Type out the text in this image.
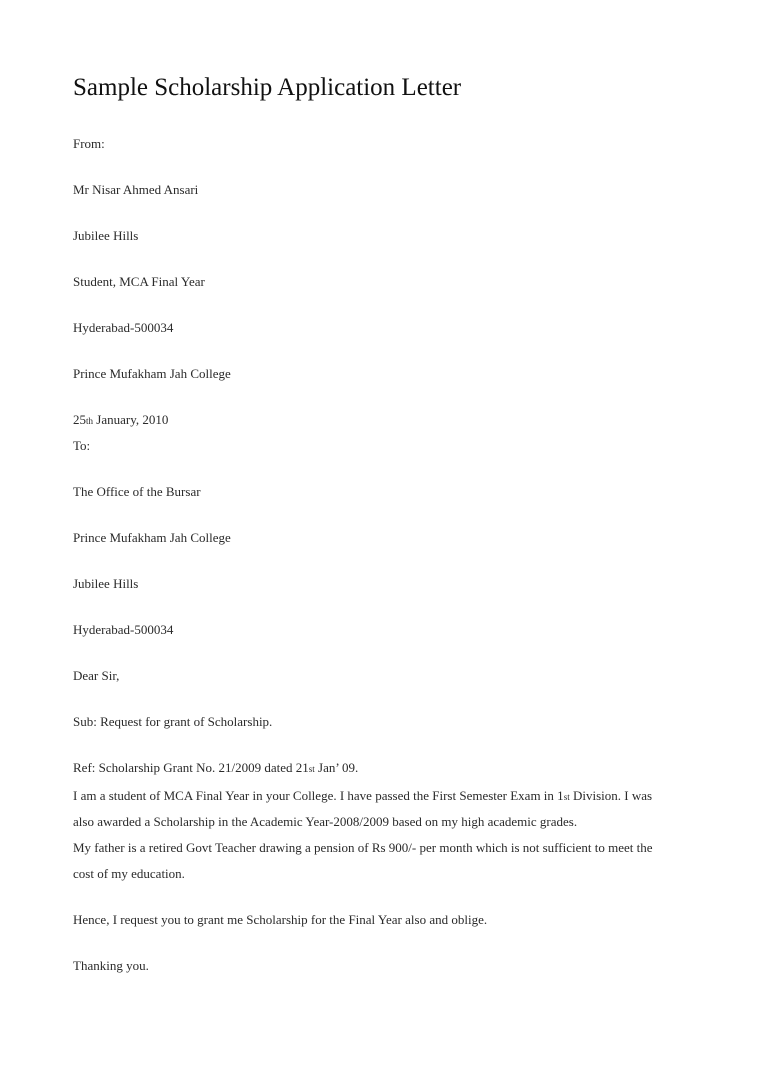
Sample Scholarship Application Letter
From:
Mr Nisar Ahmed Ansari
Jubilee Hills
Student, MCA Final Year
Hyderabad-500034
Prince Mufakham Jah College
25th January, 2010
To:
The Office of the Bursar
Prince Mufakham Jah College
Jubilee Hills
Hyderabad-500034
Dear Sir,
Sub: Request for grant of Scholarship.
Ref: Scholarship Grant No. 21/2009 dated 21st Jan’ 09.
I am a student of MCA Final Year in your College. I have passed the First Semester Exam in 1st Division. I was
also awarded a Scholarship in the Academic Year-2008/2009 based on my high academic grades.
My father is a retired Govt Teacher drawing a pension of Rs 900/- per month which is not sufficient to meet the
cost of my education.
Hence, I request you to grant me Scholarship for the Final Year also and oblige.
Thanking you.
